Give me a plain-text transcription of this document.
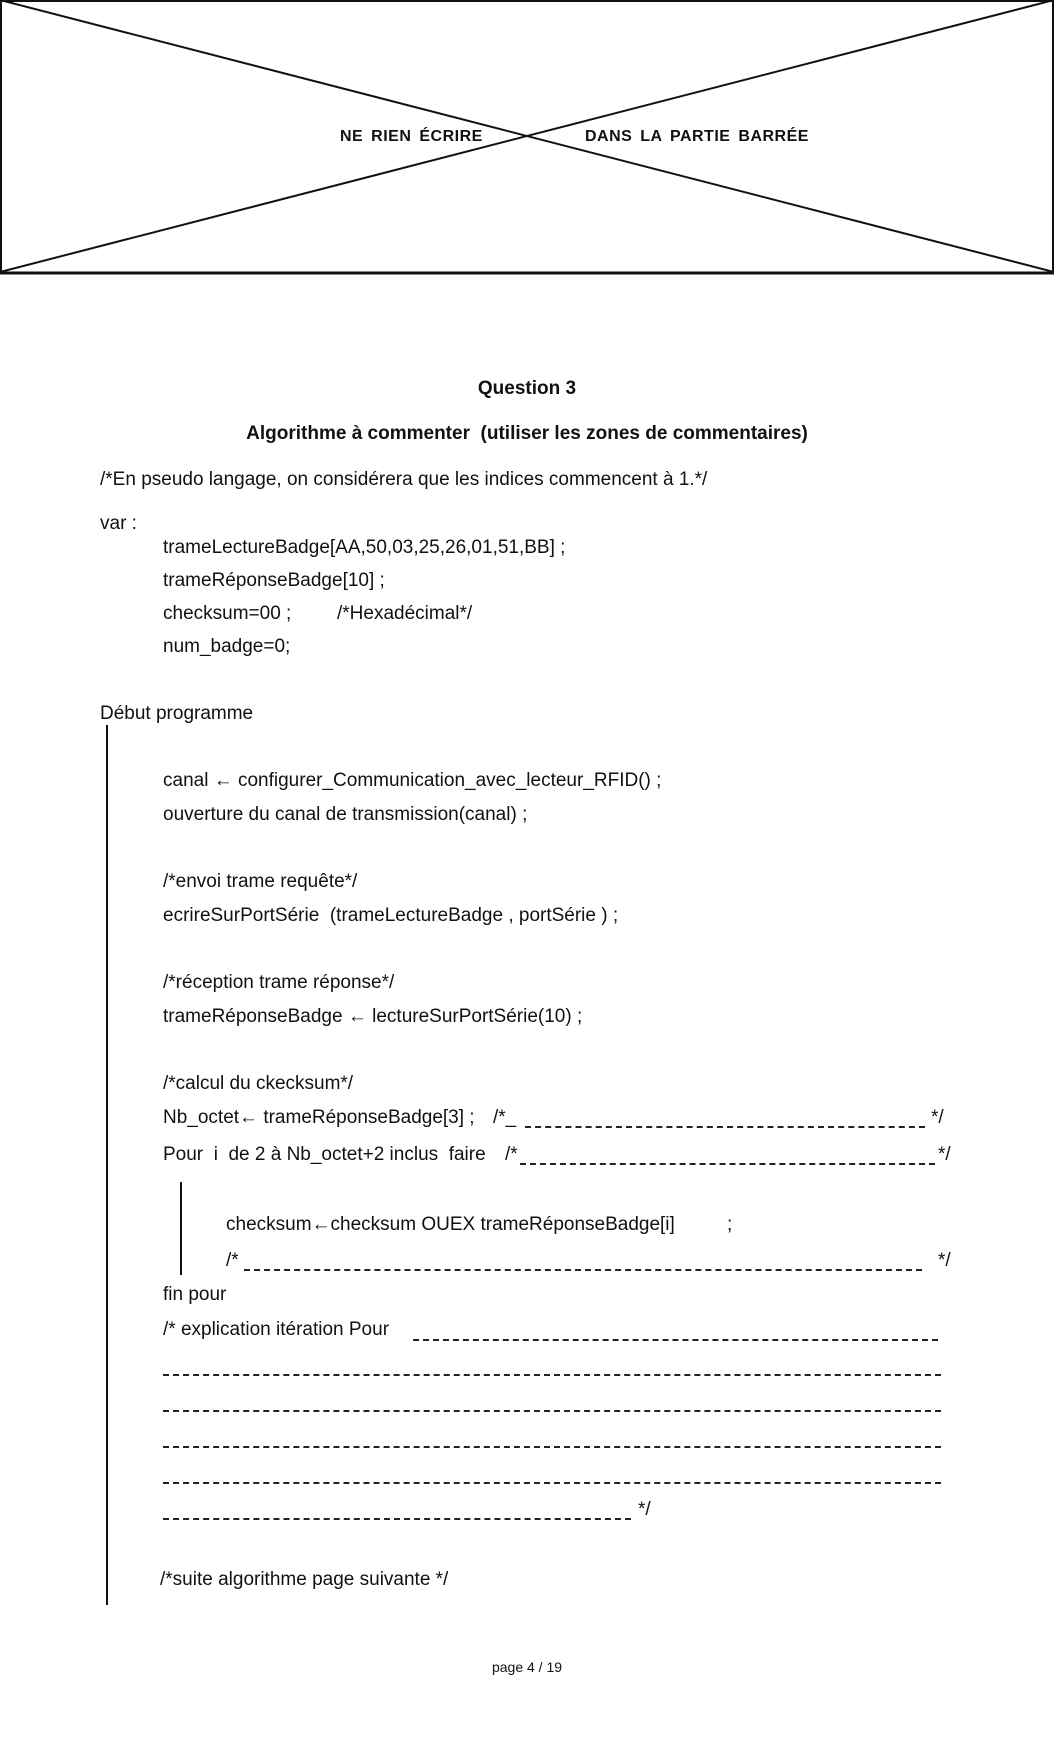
NE RIEN ÉCRIRE	DANS LA PARTIE BARRÉE
Question 3
Algorithme à commenter  (utiliser les zones de commentaires)
/*En pseudo langage, on considérera que les indices commencent à 1.*/
var :
trameLectureBadge[AA,50,03,25,26,01,51,BB] ;
trameRéponseBadge[10] ;
checksum=00 ; /*Hexadécimal*/
num_badge=0;
Début programme
canal ← configurer_Communication_avec_lecteur_RFID() ;
ouverture du canal de transmission(canal) ;
/*envoi trame requête*/
ecrireSurPortSérie  (trameLectureBadge , portSérie ) ;
/*réception trame réponse*/
trameRéponseBadge ← lectureSurPortSérie(10) ;
/*calcul du ckecksum*/
Nb_octet← trameRéponseBadge[3] ; /*_	*/
Pour  i  de 2 à Nb_octet+2 inclus  faire /*	*/
checksum←checksum OUEX trameRéponseBadge[i]	;
/*	*/
fin pour
/* explication itération Pour
*/
/*suite algorithme page suivante */
page 4 / 19
